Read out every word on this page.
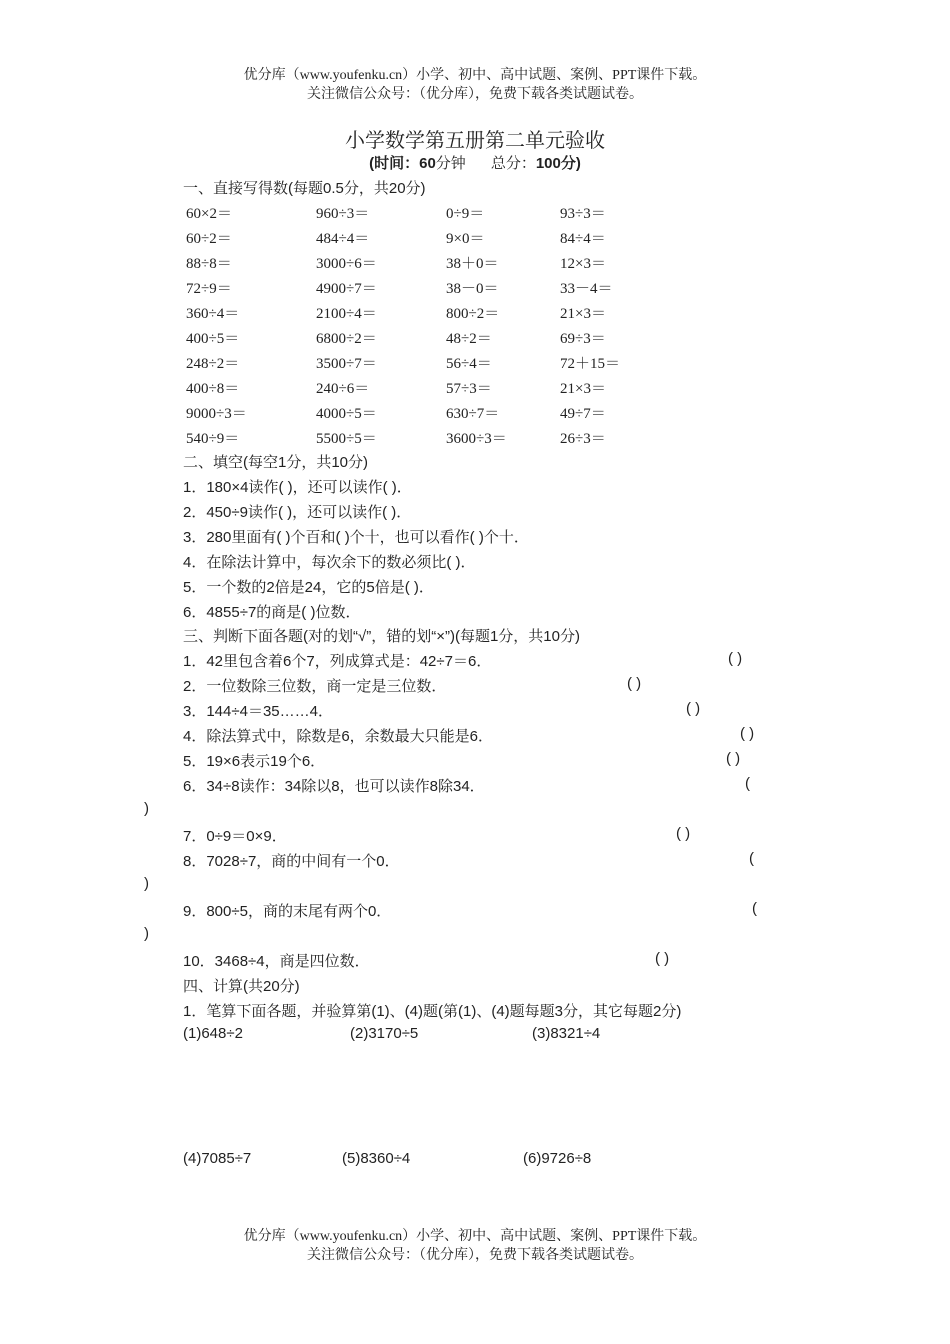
优分库（www.youfenku.cn）小学、初中、高中试题、案例、PPT课件下载。
关注微信公众号：（优分库），免费下载各类试题试卷。
小学数学第五册第二单元验收
(时间：60分钟 总分：100分)
一、直接写得数(每题0.5分，共20分)
60×2＝	960÷3＝	0÷9＝	93÷3＝
60÷2＝	484÷4＝	9×0＝	84÷4＝
88÷8＝	3000÷6＝	38＋0＝	12×3＝
72÷9＝	4900÷7＝	38－0＝	33－4＝
360÷4＝	2100÷4＝	800÷2＝	21×3＝
400÷5＝	6800÷2＝	48÷2＝	69÷3＝
248÷2＝	3500÷7＝	56÷4＝	72＋15＝
400÷8＝	240÷6＝	57÷3＝	21×3＝
9000÷3＝	4000÷5＝	630÷7＝	49÷7＝
540÷9＝	5500÷5＝	3600÷3＝	26÷3＝
二、填空(每空1分，共10分)
1．180×4读作( )，还可以读作( )．
2．450÷9读作( )，还可以读作( )．
3．280里面有( )个百和( )个十，也可以看作( )个十．
4．在除法计算中，每次余下的数必须比( )．
5．一个数的2倍是24，它的5倍是( )．
6．4855÷7的商是( )位数．
三、判断下面各题(对的划“√”，错的划“×”)(每题1分，共10分)
1．42里包含着6个7，列成算式是：42÷7＝6．	( )
2．一位数除三位数，商一定是三位数．	( )
3．144÷4＝35……4．	( )
4．除法算式中，除数是6，余数最大只能是6．	( )
5．19×6表示19个6．	( )
6．34÷8读作：34除以8，也可以读作8除34．	(
)
7．0÷9＝0×9．	( )
8．7028÷7，商的中间有一个0．	(
)
9．800÷5，商的末尾有两个0．	(
)
10．3468÷4，商是四位数．	( )
四、计算(共20分)
1．笔算下面各题，并验算第(1)、(4)题(第(1)、(4)题每题3分，其它每题2分)
(1)648÷2	(2)3170÷5	(3)8321÷4
(4)7085÷7	(5)8360÷4	(6)9726÷8
优分库（www.youfenku.cn）小学、初中、高中试题、案例、PPT课件下载。
关注微信公众号：（优分库），免费下载各类试题试卷。
